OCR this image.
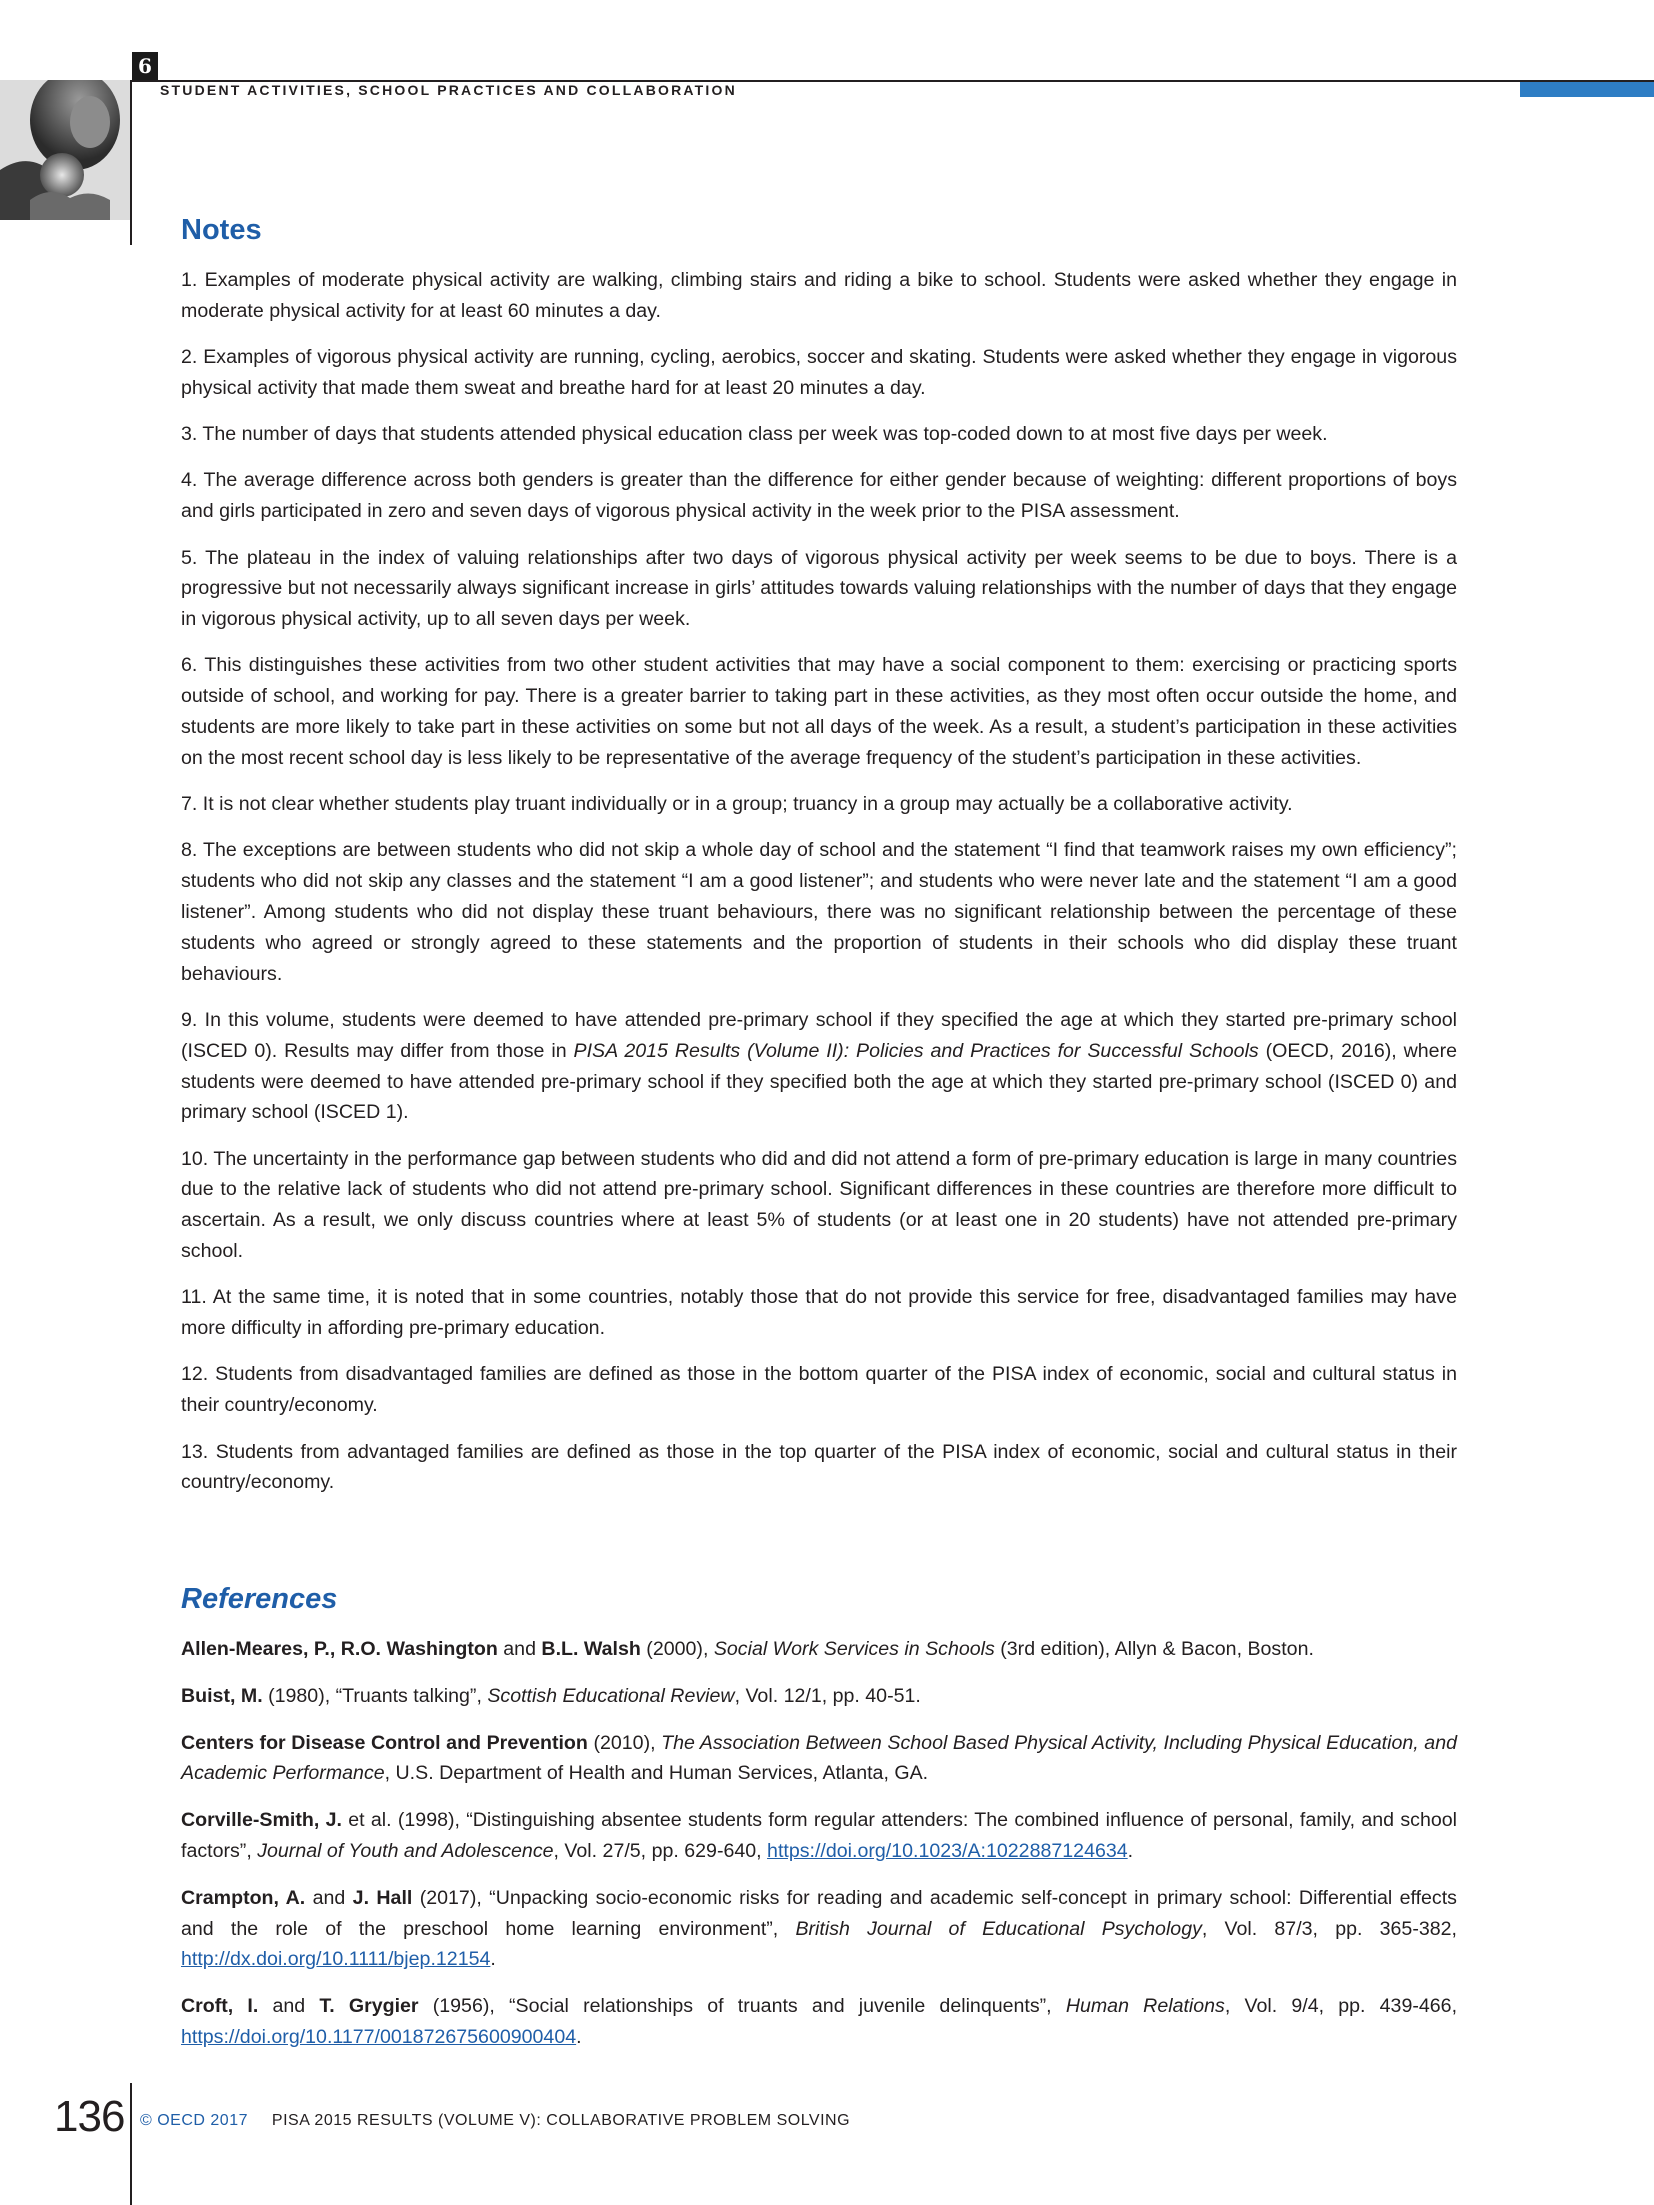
6
STUDENT ACTIVITIES, SCHOOL PRACTICES AND COLLABORATION
Notes

1. Examples of moderate physical activity are walking, climbing stairs and riding a bike to school. Students were asked whether they engage in moderate physical activity for at least 60 minutes a day.

2. Examples of vigorous physical activity are running, cycling, aerobics, soccer and skating. Students were asked whether they engage in vigorous physical activity that made them sweat and breathe hard for at least 20 minutes a day.

3. The number of days that students attended physical education class per week was top-coded down to at most five days per week.

4. The average difference across both genders is greater than the difference for either gender because of weighting: different proportions of boys and girls participated in zero and seven days of vigorous physical activity in the week prior to the PISA assessment.

5. The plateau in the index of valuing relationships after two days of vigorous physical activity per week seems to be due to boys. There is a progressive but not necessarily always significant increase in girls’ attitudes towards valuing relationships with the number of days that they engage in vigorous physical activity, up to all seven days per week.

6. This distinguishes these activities from two other student activities that may have a social component to them: exercising or practicing sports outside of school, and working for pay. There is a greater barrier to taking part in these activities, as they most often occur outside the home, and students are more likely to take part in these activities on some but not all days of the week. As a result, a student’s participation in these activities on the most recent school day is less likely to be representative of the average frequency of the student’s participation in these activities.

7. It is not clear whether students play truant individually or in a group; truancy in a group may actually be a collaborative activity.

8. The exceptions are between students who did not skip a whole day of school and the statement “I find that teamwork raises my own efficiency”; students who did not skip any classes and the statement “I am a good listener”; and students who were never late and the statement “I am a good listener”. Among students who did not display these truant behaviours, there was no significant relationship between the percentage of these students who agreed or strongly agreed to these statements and the proportion of students in their schools who did display these truant behaviours.

9. In this volume, students were deemed to have attended pre-primary school if they specified the age at which they started pre-primary school (ISCED 0). Results may differ from those in PISA 2015 Results (Volume II): Policies and Practices for Successful Schools (OECD, 2016), where students were deemed to have attended pre-primary school if they specified both the age at which they started pre-primary school (ISCED 0) and primary school (ISCED 1).

10. The uncertainty in the performance gap between students who did and did not attend a form of pre-primary education is large in many countries due to the relative lack of students who did not attend pre-primary school. Significant differences in these countries are therefore more difficult to ascertain. As a result, we only discuss countries where at least 5% of students (or at least one in 20 students) have not attended pre-primary school.

11. At the same time, it is noted that in some countries, notably those that do not provide this service for free, disadvantaged families may have more difficulty in affording pre-primary education.

12. Students from disadvantaged families are defined as those in the bottom quarter of the PISA index of economic, social and cultural status in their country/economy.

13. Students from advantaged families are defined as those in the top quarter of the PISA index of economic, social and cultural status in their country/economy.

References

Allen-Meares, P., R.O. Washington and B.L. Walsh (2000), Social Work Services in Schools (3rd edition), Allyn & Bacon, Boston.

Buist, M. (1980), “Truants talking”, Scottish Educational Review, Vol. 12/1, pp. 40-51.

Centers for Disease Control and Prevention (2010), The Association Between School Based Physical Activity, Including Physical Education, and Academic Performance, U.S. Department of Health and Human Services, Atlanta, GA.

Corville-Smith, J. et al. (1998), “Distinguishing absentee students form regular attenders: The combined influence of personal, family, and school factors”, Journal of Youth and Adolescence, Vol. 27/5, pp. 629-640, https://doi.org/10.1023/A:1022887124634.

Crampton, A. and J. Hall (2017), “Unpacking socio-economic risks for reading and academic self-concept in primary school: Differential effects and the role of the preschool home learning environment”, British Journal of Educational Psychology, Vol. 87/3, pp. 365-382, http://dx.doi.org/10.1111/bjep.12154.

Croft, I. and T. Grygier (1956), “Social relationships of truants and juvenile delinquents”, Human Relations, Vol. 9/4, pp. 439-466, https://doi.org/10.1177/001872675600900404.

136 © OECD 2017 PISA 2015 RESULTS (VOLUME V): COLLABORATIVE PROBLEM SOLVING
